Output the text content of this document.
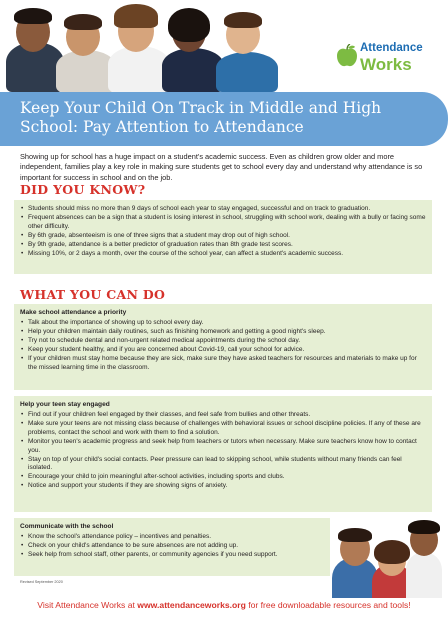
Attendance
Works
Keep Your Child On Track in Middle and High School: Pay Attention to Attendance

Showing up for school has a huge impact on a student's academic success. Even as children grow older and more independent, families play a key role in making sure students get to school every day and understand why attendance is so important for success in school and on the job.

DID YOU KNOW?
• Students should miss no more than 9 days of school each year to stay engaged, successful and on track to graduation.
• Frequent absences can be a sign that a student is losing interest in school, struggling with school work, dealing with a bully or facing some other difficulty.
• By 6th grade, absenteeism is one of three signs that a student may drop out of high school.
• By 9th grade, attendance is a better predictor of graduation rates than 8th grade test scores.
• Missing 10%, or 2 days a month, over the course of the school year, can affect a student's academic success.
WHAT YOU CAN DO
Make school attendance a priority
• Talk about the importance of showing up to school every day.
• Help your children maintain daily routines, such as finishing homework and getting a good night's sleep.
• Try not to schedule dental and non-urgent related medical appointments during the school day.
• Keep your student healthy, and if you are concerned about Covid-19, call your school for advice.
• If your children must stay home because they are sick, make sure they have asked teachers for resources and materials to make up for the missed learning time in the classroom.
Help your teen stay engaged
• Find out if your children feel engaged by their classes, and feel safe from bullies and other threats.
• Make sure your teens are not missing class because of challenges with behavioral issues or school discipline policies. If any of these are problems, contact the school and work with them to find a solution.
• Monitor you teen's academic progress and seek help from teachers or tutors when necessary. Make sure teachers know how to contact you.
• Stay on top of your child's social contacts. Peer pressure can lead to skipping school, while students without many friends can feel isolated.
• Encourage your child to join meaningful after-school activities, including sports and clubs.
• Notice and support your students if they are showing signs of anxiety.
Communicate with the school
• Know the school's attendance policy – incentives and penalties.
• Check on your child's attendance to be sure absences are not adding up.
• Seek help from school staff, other parents, or community agencies if you need support.
Revised September 2020
Visit Attendance Works at www.attendanceworks.org for free downloadable resources and tools!
